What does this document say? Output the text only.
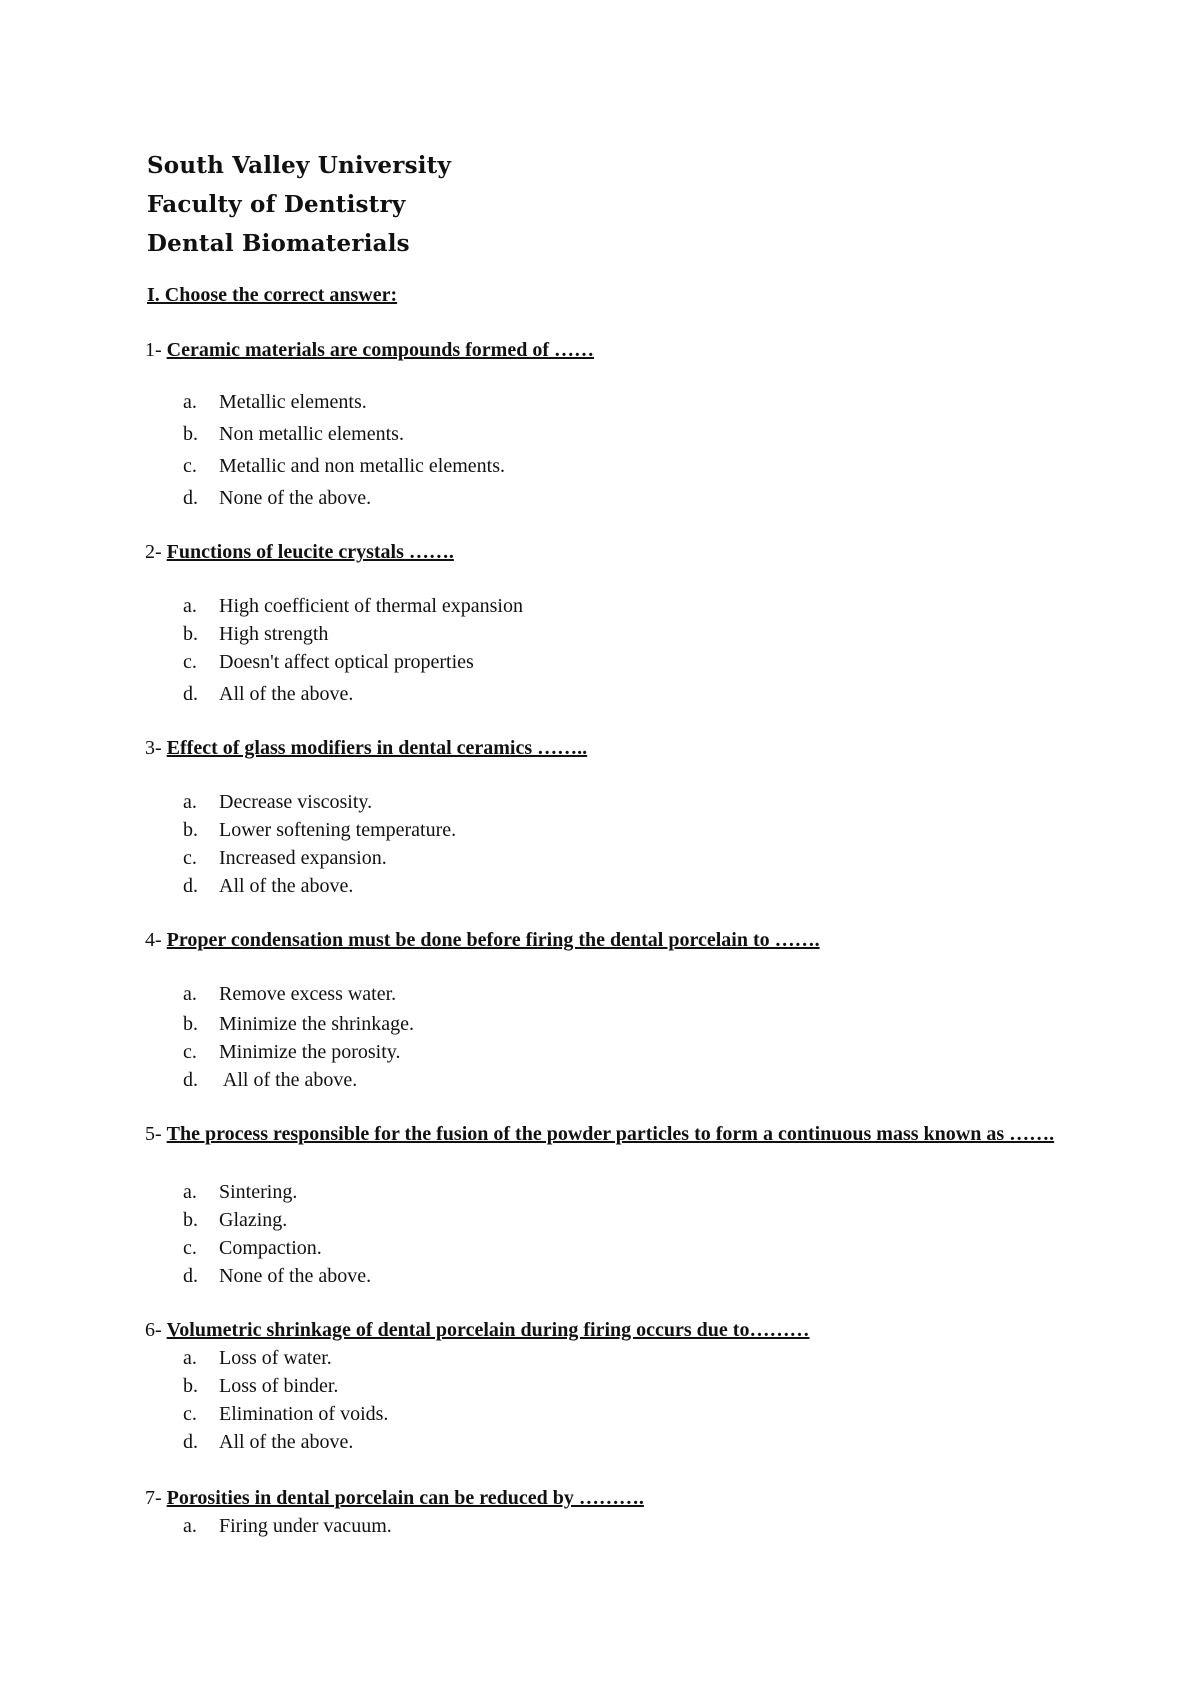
South Valley University
Faculty of Dentistry
Dental Biomaterials
I. Choose the correct answer:
1- Ceramic materials are compounds formed of ……
a. Metallic elements.
b. Non metallic elements.
c. Metallic and non metallic elements.
d. None of the above.
2- Functions of leucite crystals …….
a. High coefficient of thermal expansion
b. High strength
c. Doesn't affect optical properties
d. All of the above.
3- Effect of glass modifiers in dental ceramics ……..
a. Decrease viscosity.
b. Lower softening temperature.
c. Increased expansion.
d. All of the above.
4- Proper condensation must be done before firing the dental porcelain to …….
a. Remove excess water.
b. Minimize the shrinkage.
c. Minimize the porosity.
d. All of the above.
5- The process responsible for the fusion of the powder particles to form a continuous mass known as …….
a. Sintering.
b. Glazing.
c. Compaction.
d. None of the above.
6- Volumetric shrinkage of dental porcelain during firing occurs due to………
a. Loss of water.
b. Loss of binder.
c. Elimination of voids.
d. All of the above.
7- Porosities in dental porcelain can be reduced by ……….
a. Firing under vacuum.
